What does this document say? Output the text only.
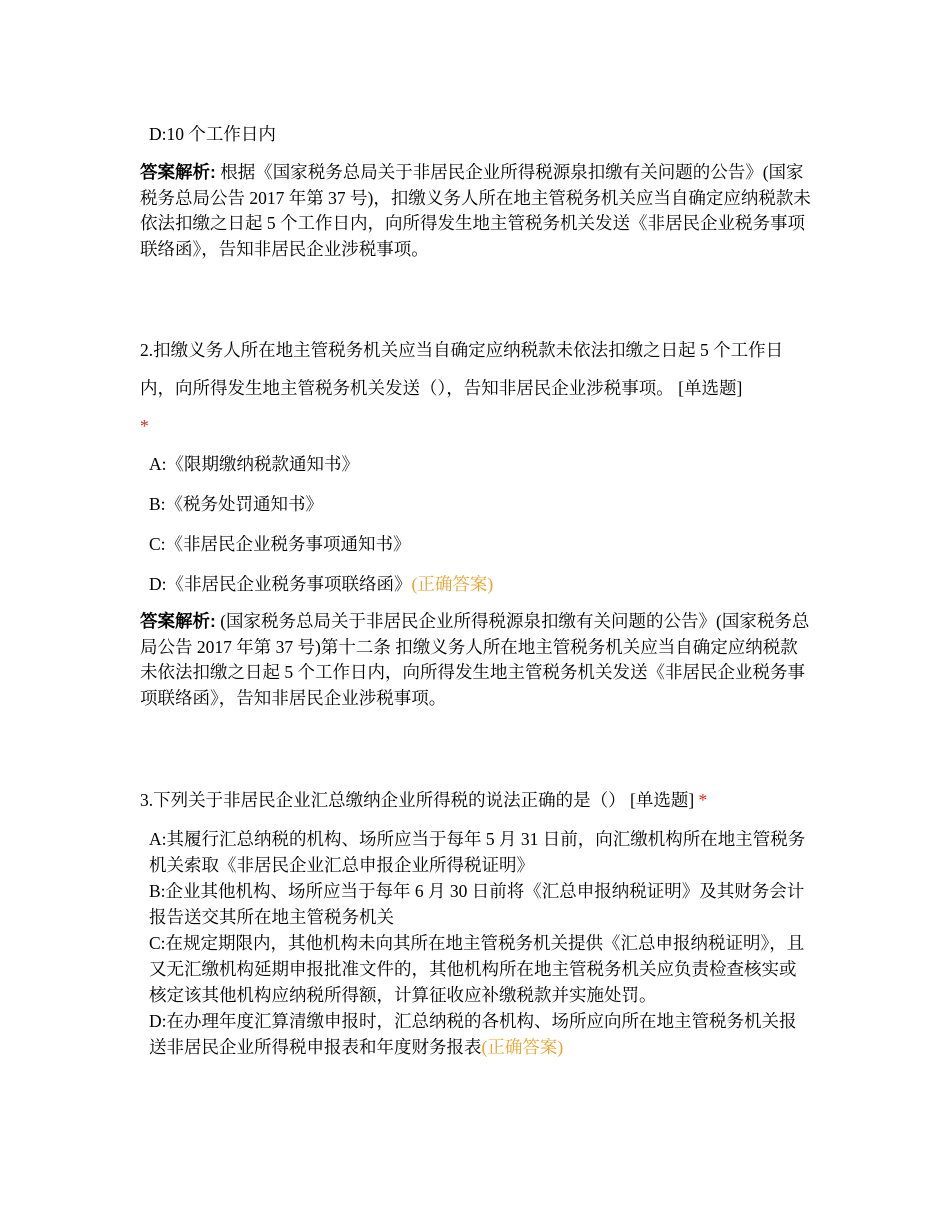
D:10 个工作日内
答案解析: 根据《国家税务总局关于非居民企业所得税源泉扣缴有关问题的公告》(国家税务总局公告 2017 年第 37 号)，扣缴义务人所在地主管税务机关应当自确定应纳税款未依法扣缴之日起 5 个工作日内，向所得发生地主管税务机关发送《非居民企业税务事项联络函》，告知非居民企业涉税事项。
2.扣缴义务人所在地主管税务机关应当自确定应纳税款未依法扣缴之日起 5 个工作日内，向所得发生地主管税务机关发送（），告知非居民企业涉税事项。 [单选题]
*
A:《限期缴纳税款通知书》
B:《税务处罚通知书》
C:《非居民企业税务事项通知书》
D:《非居民企业税务事项联络函》(正确答案)
答案解析: (国家税务总局关于非居民企业所得税源泉扣缴有关问题的公告》(国家税务总局公告 2017 年第 37 号)第十二条 扣缴义务人所在地主管税务机关应当自确定应纳税款未依法扣缴之日起 5 个工作日内，向所得发生地主管税务机关发送《非居民企业税务事项联络函》，告知非居民企业涉税事项。
3.下列关于非居民企业汇总缴纳企业所得税的说法正确的是（） [单选题] *
A:其履行汇总纳税的机构、场所应当于每年 5 月 31 日前，向汇缴机构所在地主管税务机关索取《非居民企业汇总申报企业所得税证明》
B:企业其他机构、场所应当于每年 6 月 30 日前将《汇总申报纳税证明》及其财务会计报告送交其所在地主管税务机关
C:在规定期限内，其他机构未向其所在地主管税务机关提供《汇总申报纳税证明》，且又无汇缴机构延期申报批准文件的，其他机构所在地主管税务机关应负责检查核实或核定该其他机构应纳税所得额，计算征收应补缴税款并实施处罚。
D:在办理年度汇算清缴申报时，汇总纳税的各机构、场所应向所在地主管税务机关报送非居民企业所得税申报表和年度财务报表(正确答案)
